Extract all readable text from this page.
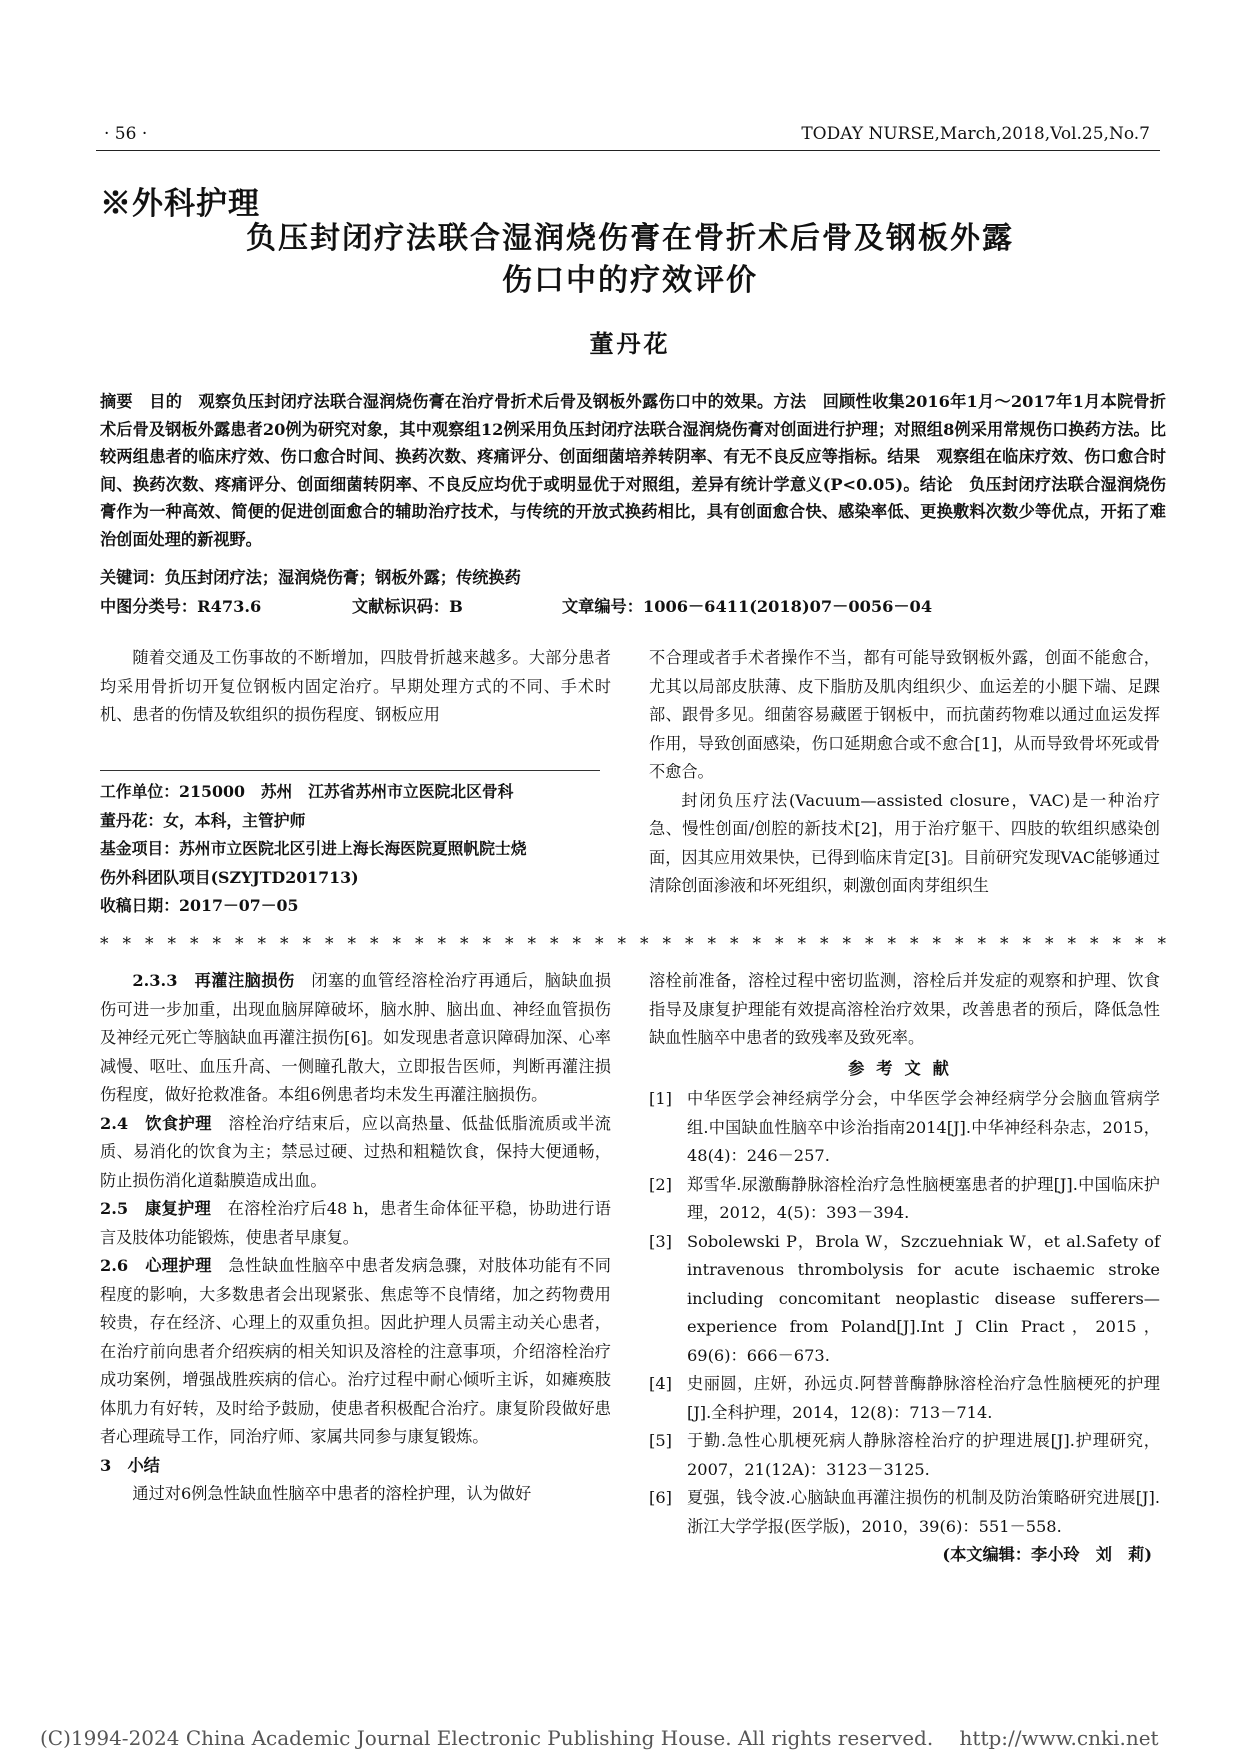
· 56 ·	TODAY NURSE,March,2018,Vol.25,No.7
※外科护理
负压封闭疗法联合湿润烧伤膏在骨折术后骨及钢板外露
伤口中的疗效评价
董丹花
摘要　目的　观察负压封闭疗法联合湿润烧伤膏在治疗骨折术后骨及钢板外露伤口中的效果。方法　回顾性收集2016年1月～2017年1月本院骨折术后骨及钢板外露患者20例为研究对象，其中观察组12例采用负压封闭疗法联合湿润烧伤膏对创面进行护理；对照组8例采用常规伤口换药方法。比较两组患者的临床疗效、伤口愈合时间、换药次数、疼痛评分、创面细菌培养转阴率、有无不良反应等指标。结果　观察组在临床疗效、伤口愈合时间、换药次数、疼痛评分、创面细菌转阴率、不良反应均优于或明显优于对照组，差异有统计学意义(P<0.05)。结论　负压封闭疗法联合湿润烧伤膏作为一种高效、简便的促进创面愈合的辅助治疗技术，与传统的开放式换药相比，具有创面愈合快、感染率低、更换敷料次数少等优点，开拓了难治创面处理的新视野。
关键词：负压封闭疗法；湿润烧伤膏；钢板外露；传统换药
中图分类号：R473.6	文献标识码：B	文章编号：1006－6411(2018)07－0056－04

随着交通及工伤事故的不断增加，四肢骨折越来越多。大部分患者均采用骨折切开复位钢板内固定治疗。早期处理方式的不同、手术时机、患者的伤情及软组织的损伤程度、钢板应用

工作单位：215000　苏州　江苏省苏州市立医院北区骨科
董丹花：女，本科，主管护师
基金项目：苏州市立医院北区引进上海长海医院夏照帆院士烧
伤外科团队项目(SZYJTD201713)
收稿日期：2017－07－05

不合理或者手术者操作不当，都有可能导致钢板外露，创面不能愈合，尤其以局部皮肤薄、皮下脂肪及肌肉组织少、血运差的小腿下端、足踝部、跟骨多见。细菌容易藏匿于钢板中，而抗菌药物难以通过血运发挥作用，导致创面感染，伤口延期愈合或不愈合[1]，从而导致骨坏死或骨不愈合。

封闭负压疗法(Vacuum—assisted closure，VAC)是一种治疗急、慢性创面/创腔的新技术[2]，用于治疗躯干、四肢的软组织感染创面，因其应用效果快，已得到临床肯定[3]。目前研究发现VAC能够通过清除创面渗液和坏死组织，刺激创面肉芽组织生

* * * * * * * * * * * * * * * * * * * * * * * * * * * * * * * * * * * * * * * * * * * * * * * *

2.3.3　再灌注脑损伤　闭塞的血管经溶栓治疗再通后，脑缺血损伤可进一步加重，出现血脑屏障破坏，脑水肿、脑出血、神经血管损伤及神经元死亡等脑缺血再灌注损伤[6]。如发现患者意识障碍加深、心率减慢、呕吐、血压升高、一侧瞳孔散大，立即报告医师，判断再灌注损伤程度，做好抢救准备。本组6例患者均未发生再灌注脑损伤。

2.4　饮食护理　溶栓治疗结束后，应以高热量、低盐低脂流质或半流质、易消化的饮食为主；禁忌过硬、过热和粗糙饮食，保持大便通畅，防止损伤消化道黏膜造成出血。

2.5　康复护理　在溶栓治疗后48 h，患者生命体征平稳，协助进行语言及肢体功能锻炼，使患者早康复。

2.6　心理护理　急性缺血性脑卒中患者发病急骤，对肢体功能有不同程度的影响，大多数患者会出现紧张、焦虑等不良情绪，加之药物费用较贵，存在经济、心理上的双重负担。因此护理人员需主动关心患者，在治疗前向患者介绍疾病的相关知识及溶栓的注意事项，介绍溶栓治疗成功案例，增强战胜疾病的信心。治疗过程中耐心倾听主诉，如瘫痪肢体肌力有好转，及时给予鼓励，使患者积极配合治疗。康复阶段做好患者心理疏导工作，同治疗师、家属共同参与康复锻炼。

3　小结

通过对6例急性缺血性脑卒中患者的溶栓护理，认为做好

溶栓前准备，溶栓过程中密切监测，溶栓后并发症的观察和护理、饮食指导及康复护理能有效提高溶栓治疗效果，改善患者的预后，降低急性缺血性脑卒中患者的致残率及致死率。

参考文献
[1] 中华医学会神经病学分会，中华医学会神经病学分会脑血管病学组.中国缺血性脑卒中诊治指南2014[J].中华神经科杂志，2015，48(4)：246－257.
[2] 郑雪华.尿激酶静脉溶栓治疗急性脑梗塞患者的护理[J].中国临床护理，2012，4(5)：393－394.
[3] Sobolewski P，Brola W，Szczuehniak W，et al.Safety of intravenous thrombolysis for acute ischaemic stroke including concomitant neoplastic disease sufferers—experience from Poland[J].Int J Clin Pract，2015，69(6)：666－673.
[4] 史丽圆，庄妍，孙远贞.阿替普酶静脉溶栓治疗急性脑梗死的护理[J].全科护理，2014，12(8)：713－714.
[5] 于勤.急性心肌梗死病人静脉溶栓治疗的护理进展[J].护理研究，2007，21(12A)：3123－3125.
[6] 夏强，钱令波.心脑缺血再灌注损伤的机制及防治策略研究进展[J].浙江大学学报(医学版)，2010，39(6)：551－558.
(本文编辑：李小玲　刘　莉)
(C)1994-2024 China Academic Journal Electronic Publishing House. All rights reserved.　 http://www.cnki.net
